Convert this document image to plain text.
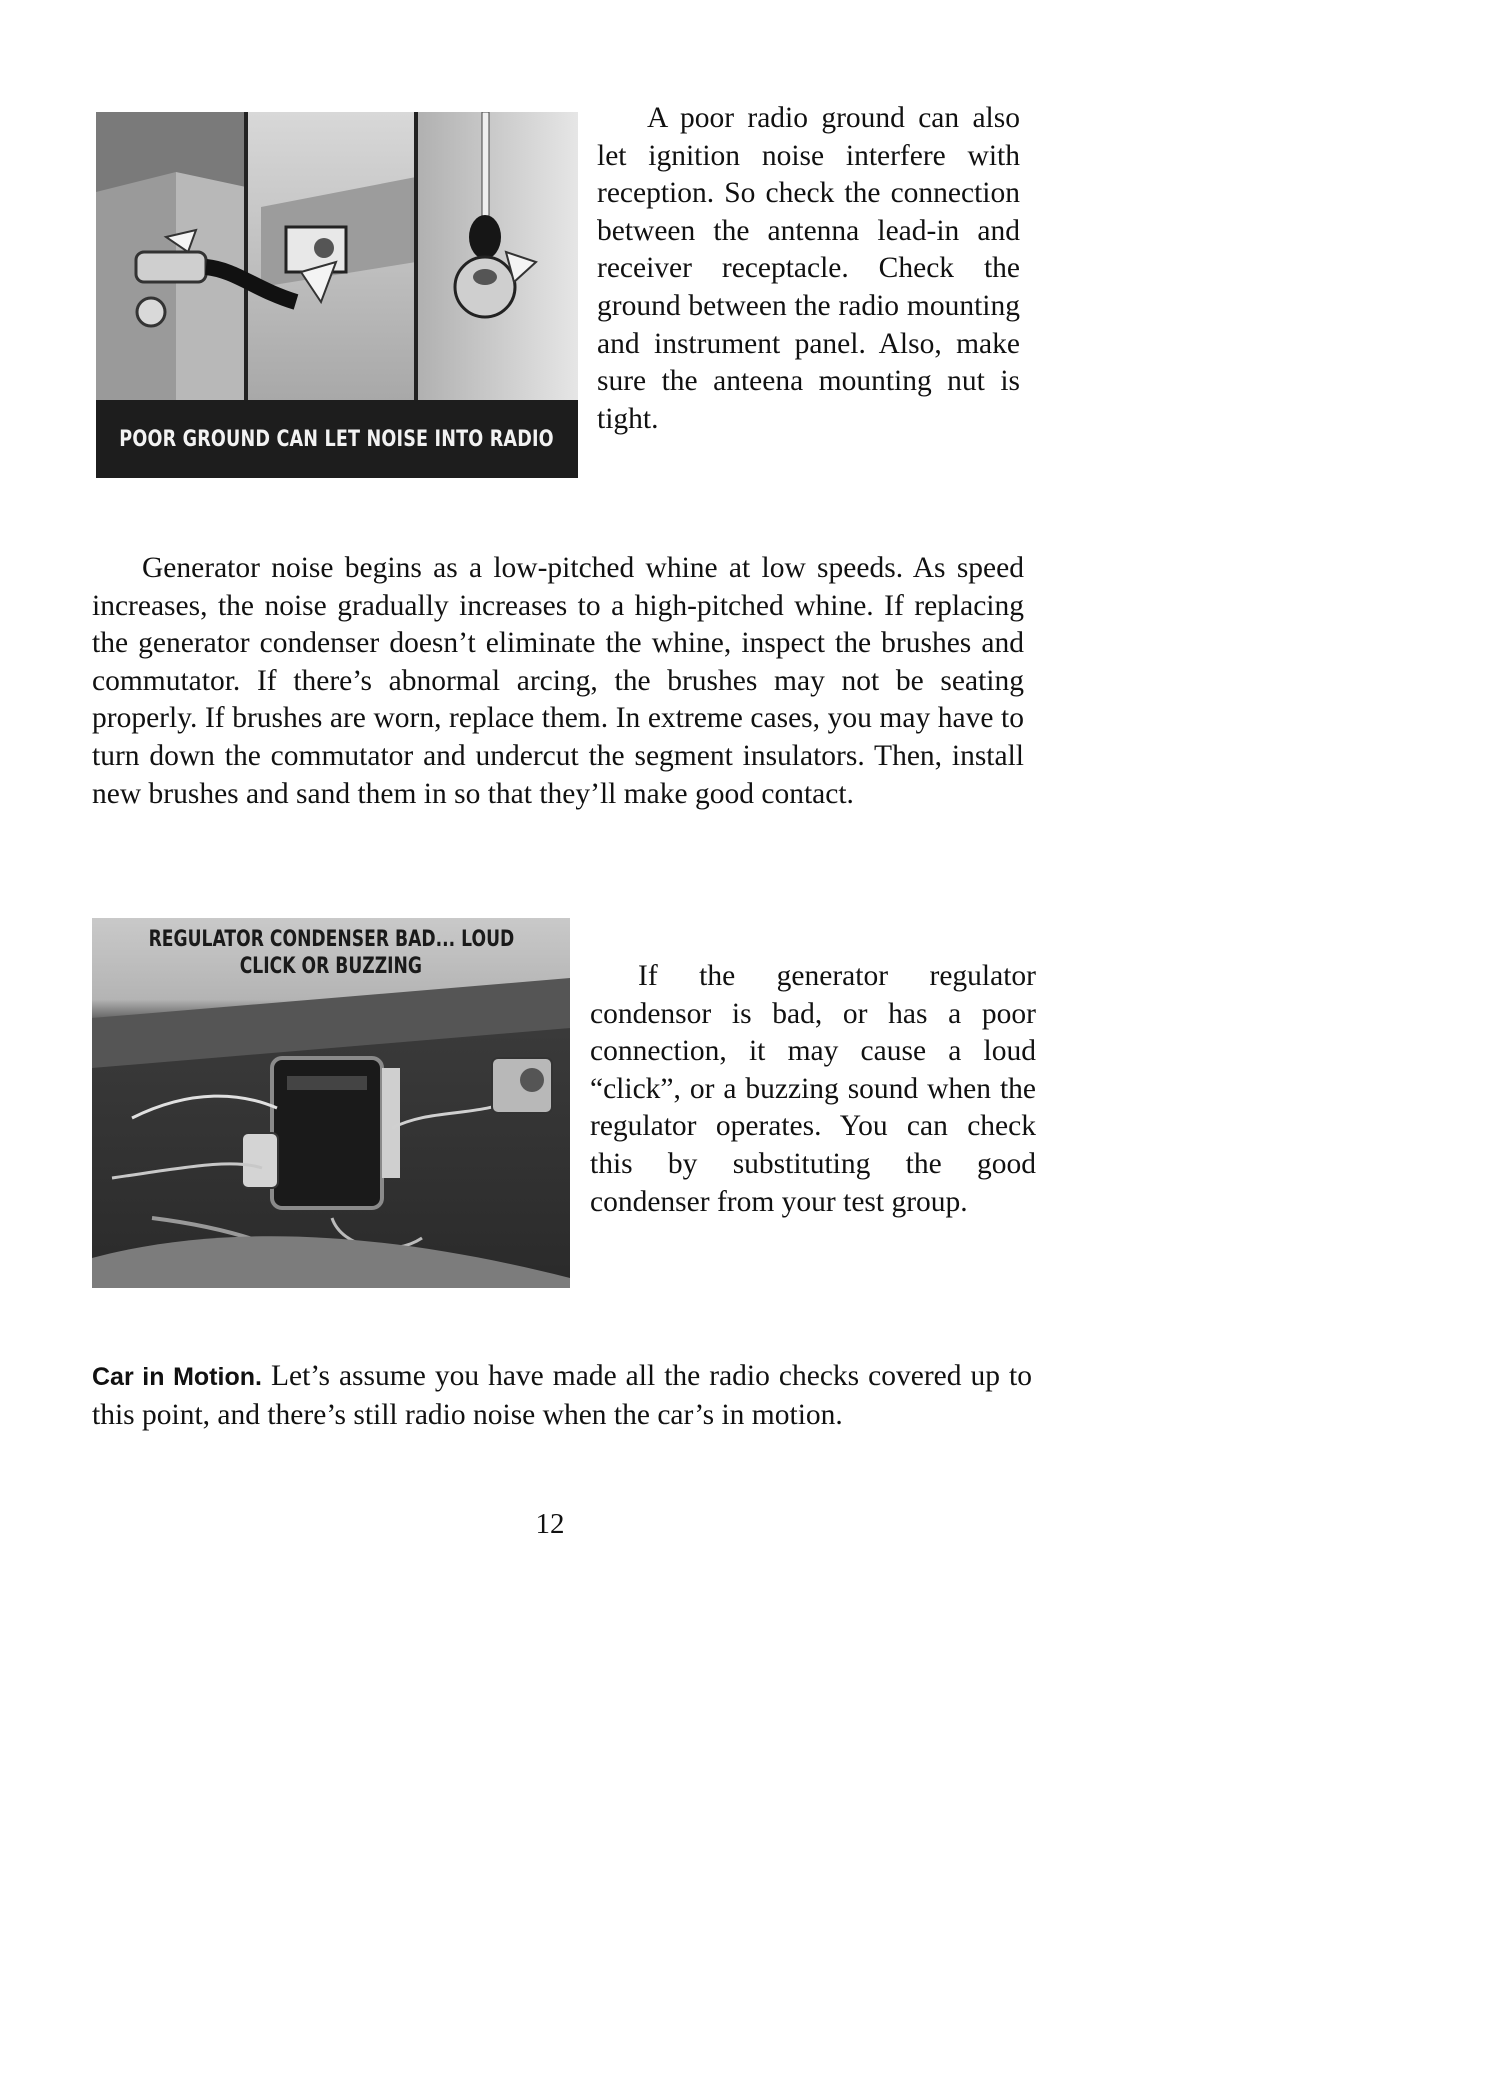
POOR GROUND CAN LET NOISE INTO RADIO

A poor radio ground can also let ignition noise interfere with reception. So check the connection between the antenna lead-in and receiver receptacle. Check the ground between the radio mounting and instrument panel. Also, make sure the anteena mounting nut is tight.

Generator noise begins as a low-pitched whine at low speeds. As speed increases, the noise gradually increases to a high-pitched whine. If replacing the generator condenser doesn’t eliminate the whine, inspect the brushes and commutator. If there’s abnormal arcing, the brushes may not be seating properly. If brushes are worn, replace them. In extreme cases, you may have to turn down the commutator and undercut the segment insulators. Then, install new brushes and sand them in so that they’ll make good contact.

REGULATOR CONDENSER BAD... LOUD
CLICK OR BUZZING	If the generator regulator condensor is bad, or has a poor connection, it may cause a loud “click”, or a buzzing sound when the regulator operates. You can check this by substituting the good condenser from your test group.

Car in Motion. Let’s assume you have made all the radio checks covered up to this point, and there’s still radio noise when the car’s in motion.

12
